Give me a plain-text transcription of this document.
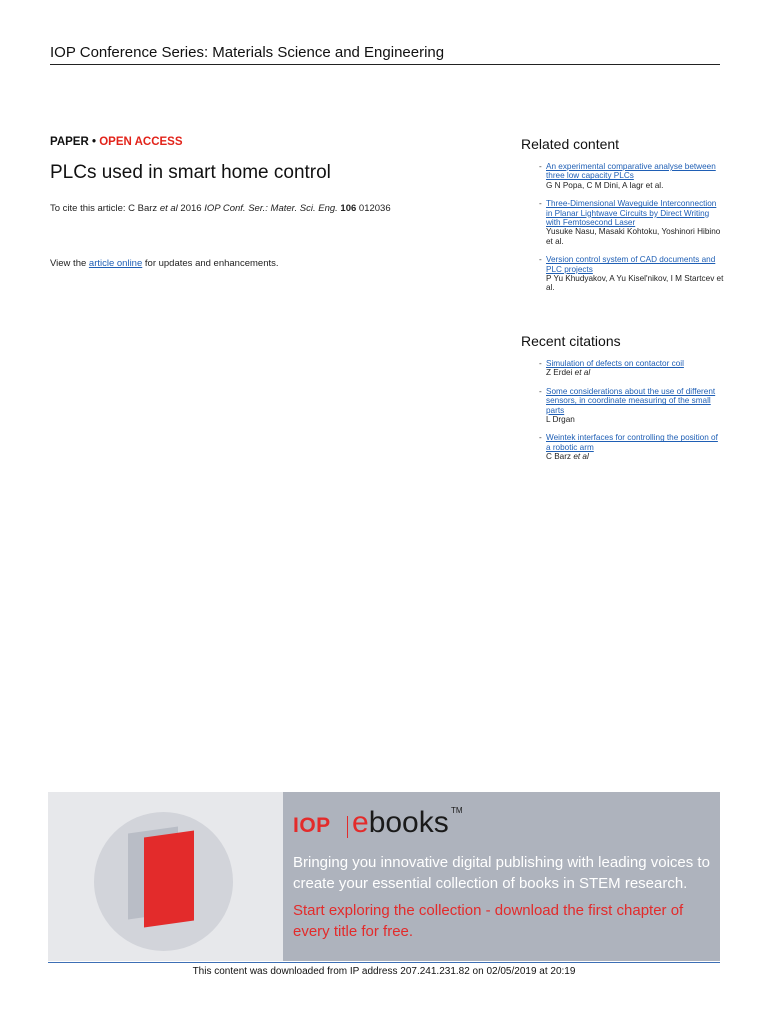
IOP Conference Series: Materials Science and Engineering
PAPER • OPEN ACCESS
PLCs used in smart home control
To cite this article: C Barz et al 2016 IOP Conf. Ser.: Mater. Sci. Eng. 106 012036
View the article online for updates and enhancements.
Related content
- An experimental comparative analyse between three low capacity PLCs
G N Popa, C M Dini, A Iagr et al.
- Three-Dimensional Waveguide Interconnection in Planar Lightwave Circuits by Direct Writing with Femtosecond Laser
Yusuke Nasu, Masaki Kohtoku, Yoshinori Hibino et al.
- Version control system of CAD documents and PLC projects
P Yu Khudyakov, A Yu Kisel'nikov, I M Startcev et al.
Recent citations
- Simulation of defects on contactor coil
Z Erdei et al
- Some considerations about the use of different sensors, in coordinate measuring of the small parts
L Drgan
- Weintek interfaces for controlling the position of a robotic arm
C Barz et al
IOP ebooks TM

Bringing you innovative digital publishing with leading voices to create your essential collection of books in STEM research.

Start exploring the collection - download the first chapter of every title for free.

This content was downloaded from IP address 207.241.231.82 on 02/05/2019 at 20:19
